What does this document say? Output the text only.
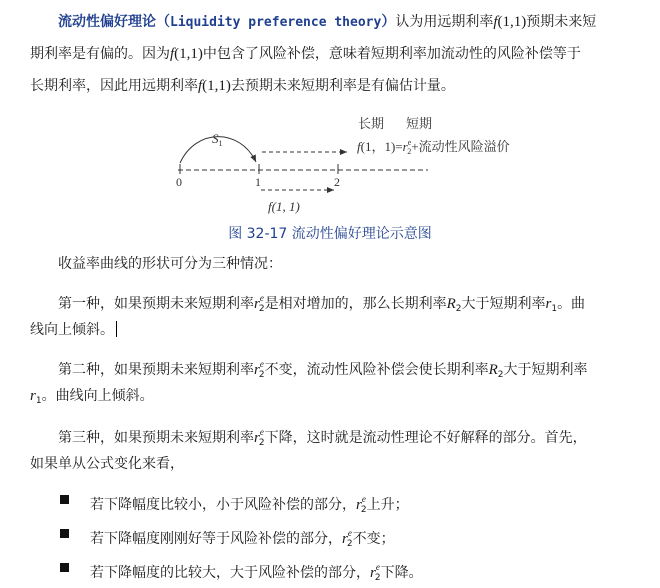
流动性偏好理论（Liquidity preference theory）认为用远期利率f(1,1)预期未来短
期利率是有偏的。因为f(1,1)中包含了风险补偿，意味着短期利率加流动性的风险补偿等于
长期利率，因此用远期利率f(1,1)去预期未来短期利率是有偏估计量。
长期 短期
f(1，$1)=r^e$ 2+流动性风险溢价
$S_1$
0	1	2
f(1, 1)
图 32-17 流动性偏好理论示意图
收益率曲线的形状可分为三种情况：
第一种，如果预期未来短期利率$r^e_2$是相对增加的，那么长期利率$R_2$大于短期利率$r_1$。曲
线向上倾斜。
第二种，如果预期未来短期利率$r^e_2$不变，流动性风险补偿会使长期利率$R_2$大于短期利率
$r_1$。曲线向上倾斜。
第三种，如果预期未来短期利率$r^e_2$下降，这时就是流动性理论不好解释的部分。首先，
如果单从公式变化来看，
若下降幅度比较小，小于风险补偿的部分，$r^e_2$上升；
若下降幅度刚刚好等于风险补偿的部分，$r^e_2$不变；
若下降幅度的比较大，大于风险补偿的部分，$r^e_2$下降。
